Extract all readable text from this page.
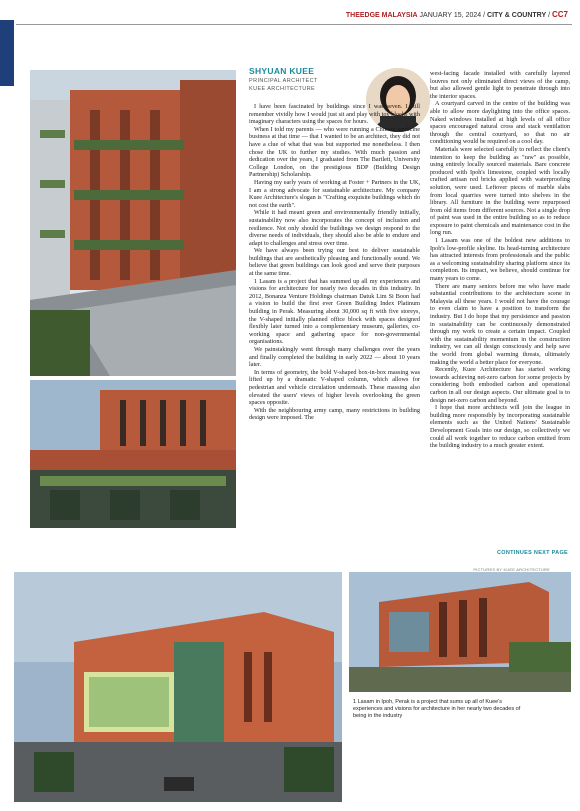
THEEDGE MALAYSIA JANUARY 15, 2024 / CITY & COUNTRY / CC7
SHYUAN KUEE
PRINCIPAL ARCHITECT
KUEE ARCHITECTURE

I have been fascinated by buildings since I was seven. I still remember vividly how I would just sit and play with toy blocks with imaginary characters using the spaces for hours.

When I told my parents — who were running a Chinese medicine business at that time — that I wanted to be an architect, they did not have a clue of what that was but supported me nonetheless. I then chose the UK to further my studies. With much passion and dedication over the years, I graduated from The Bartlett, University College London, on the prestigious BDP (Building Design Partnership) Scholarship.

Having my early years of working at Foster + Partners in the UK, I am a strong advocate for sustainable architecture. My company Kuee Architecture's slogan is "Crafting exquisite buildings which do not cost the earth".

While it had meant green and environmentally friendly initially, sustainability now also incorporates the concept of inclusion and resilience. Not only should the buildings we design respond to the diverse needs of individuals, they should also be able to endure and adapt to challenges and stress over time.

We have always been trying our best to deliver sustainable buildings that are aesthetically pleasing and functionally sound. We believe that green buildings can look good and serve their purposes at the same time.

1 Lasam is a project that has summed up all my experiences and visions for architecture for nearly two decades in this industry. In 2012, Bonanza Venture Holdings chairman Datuk Lim Si Boon had a vision to build the first ever Green Building Index Platinum building in Perak. Measuring about 30,000 sq ft with five storeys, the V-shaped initially planned office block with spaces designed flexibly later turned into a complementary museum, galleries, co-working space and gathering space for non-governmental organisations.

We painstakingly went through many challenges over the years and finally completed the building in early 2022 — about 10 years later.

In terms of geometry, the bold V-shaped box-in-box massing was lifted up by a dramatic V-shaped column, which allows for pedestrian and vehicle circulation underneath. These massing also elevated the users' views of higher levels overlooking the green spaces opposite.

With the neighbouring army camp, many restrictions in building design were imposed. The

west-facing facade installed with carefully layered louvres not only eliminated direct views of the camp, but also allowed gentle light to penetrate through into the interior spaces.

A courtyard carved in the centre of the building was able to allow more daylighting into the office spaces. Naked windows installed at high levels of all office spaces encouraged natural cross and stack ventilation through the central courtyard, so that no air conditioning would be required on a cool day.

Materials were selected carefully to reflect the client's intention to keep the building as "raw" as possible, using entirely locally sourced materials. Bare concrete produced with Ipoh's limestone, coupled with locally crafted artisan red bricks applied with waterproofing solution, were used. Leftover pieces of marble slabs from local quarries were turned into shelves in the library. All furniture in the building were repurposed from old items from different sources. Not a single drop of paint was used in the entire building so as to reduce exposure to paint chemicals and maintenance cost in the long run.

1 Lasam was one of the boldest new additions to Ipoh's low-profile skyline. Its head-turning architecture has attracted interests from professionals and the public as a welcoming sustainability sharing platform since its completion. Its impact, we believe, should continue for many years to come.

There are many seniors before me who have made substantial contributions to the architecture scene in Malaysia all these years. I would not have the courage to even claim to have a position to transform the industry. But I do hope that my persistence and passion in sustainability can be continuously demonstrated through my work to create a certain impact. Coupled with the sustainability momentum in the construction industry, we can all design consciously and help save the world from global warming threats, ultimately making the world a better place for everyone.

Recently, Kuee Architecture has started working towards achieving net-zero carbon for some projects by considering both embodied carbon and operational carbon in all our design aspects. Our ultimate goal is to design net-zero carbon and beyond.

I hope that more architects will join the league in building more responsibly by incorporating sustainable elements such as the United Nations' Sustainable Development Goals into our design, so collectively we could all work together to reduce carbon emitted from the building industry to a much greater extent.

CONTINUES NEXT PAGE
PICTURES BY KUEE ARCHITECTURE
1 Lasam in Ipoh, Perak is a project that sums up all of Kuee's experiences and visions for architecture in her nearly two decades of being in the industry
